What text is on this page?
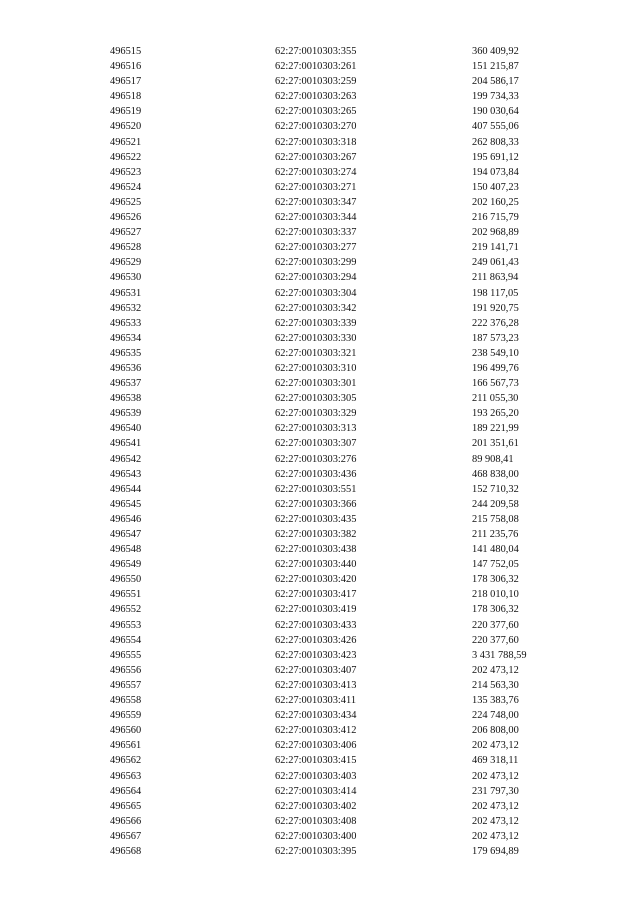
496515	62:27:0010303:355	360 409,92
496516	62:27:0010303:261	151 215,87
496517	62:27:0010303:259	204 586,17
496518	62:27:0010303:263	199 734,33
496519	62:27:0010303:265	190 030,64
496520	62:27:0010303:270	407 555,06
496521	62:27:0010303:318	262 808,33
496522	62:27:0010303:267	195 691,12
496523	62:27:0010303:274	194 073,84
496524	62:27:0010303:271	150 407,23
496525	62:27:0010303:347	202 160,25
496526	62:27:0010303:344	216 715,79
496527	62:27:0010303:337	202 968,89
496528	62:27:0010303:277	219 141,71
496529	62:27:0010303:299	249 061,43
496530	62:27:0010303:294	211 863,94
496531	62:27:0010303:304	198 117,05
496532	62:27:0010303:342	191 920,75
496533	62:27:0010303:339	222 376,28
496534	62:27:0010303:330	187 573,23
496535	62:27:0010303:321	238 549,10
496536	62:27:0010303:310	196 499,76
496537	62:27:0010303:301	166 567,73
496538	62:27:0010303:305	211 055,30
496539	62:27:0010303:329	193 265,20
496540	62:27:0010303:313	189 221,99
496541	62:27:0010303:307	201 351,61
496542	62:27:0010303:276	89 908,41
496543	62:27:0010303:436	468 838,00
496544	62:27:0010303:551	152 710,32
496545	62:27:0010303:366	244 209,58
496546	62:27:0010303:435	215 758,08
496547	62:27:0010303:382	211 235,76
496548	62:27:0010303:438	141 480,04
496549	62:27:0010303:440	147 752,05
496550	62:27:0010303:420	178 306,32
496551	62:27:0010303:417	218 010,10
496552	62:27:0010303:419	178 306,32
496553	62:27:0010303:433	220 377,60
496554	62:27:0010303:426	220 377,60
496555	62:27:0010303:423	3 431 788,59
496556	62:27:0010303:407	202 473,12
496557	62:27:0010303:413	214 563,30
496558	62:27:0010303:411	135 383,76
496559	62:27:0010303:434	224 748,00
496560	62:27:0010303:412	206 808,00
496561	62:27:0010303:406	202 473,12
496562	62:27:0010303:415	469 318,11
496563	62:27:0010303:403	202 473,12
496564	62:27:0010303:414	231 797,30
496565	62:27:0010303:402	202 473,12
496566	62:27:0010303:408	202 473,12
496567	62:27:0010303:400	202 473,12
496568	62:27:0010303:395	179 694,89
